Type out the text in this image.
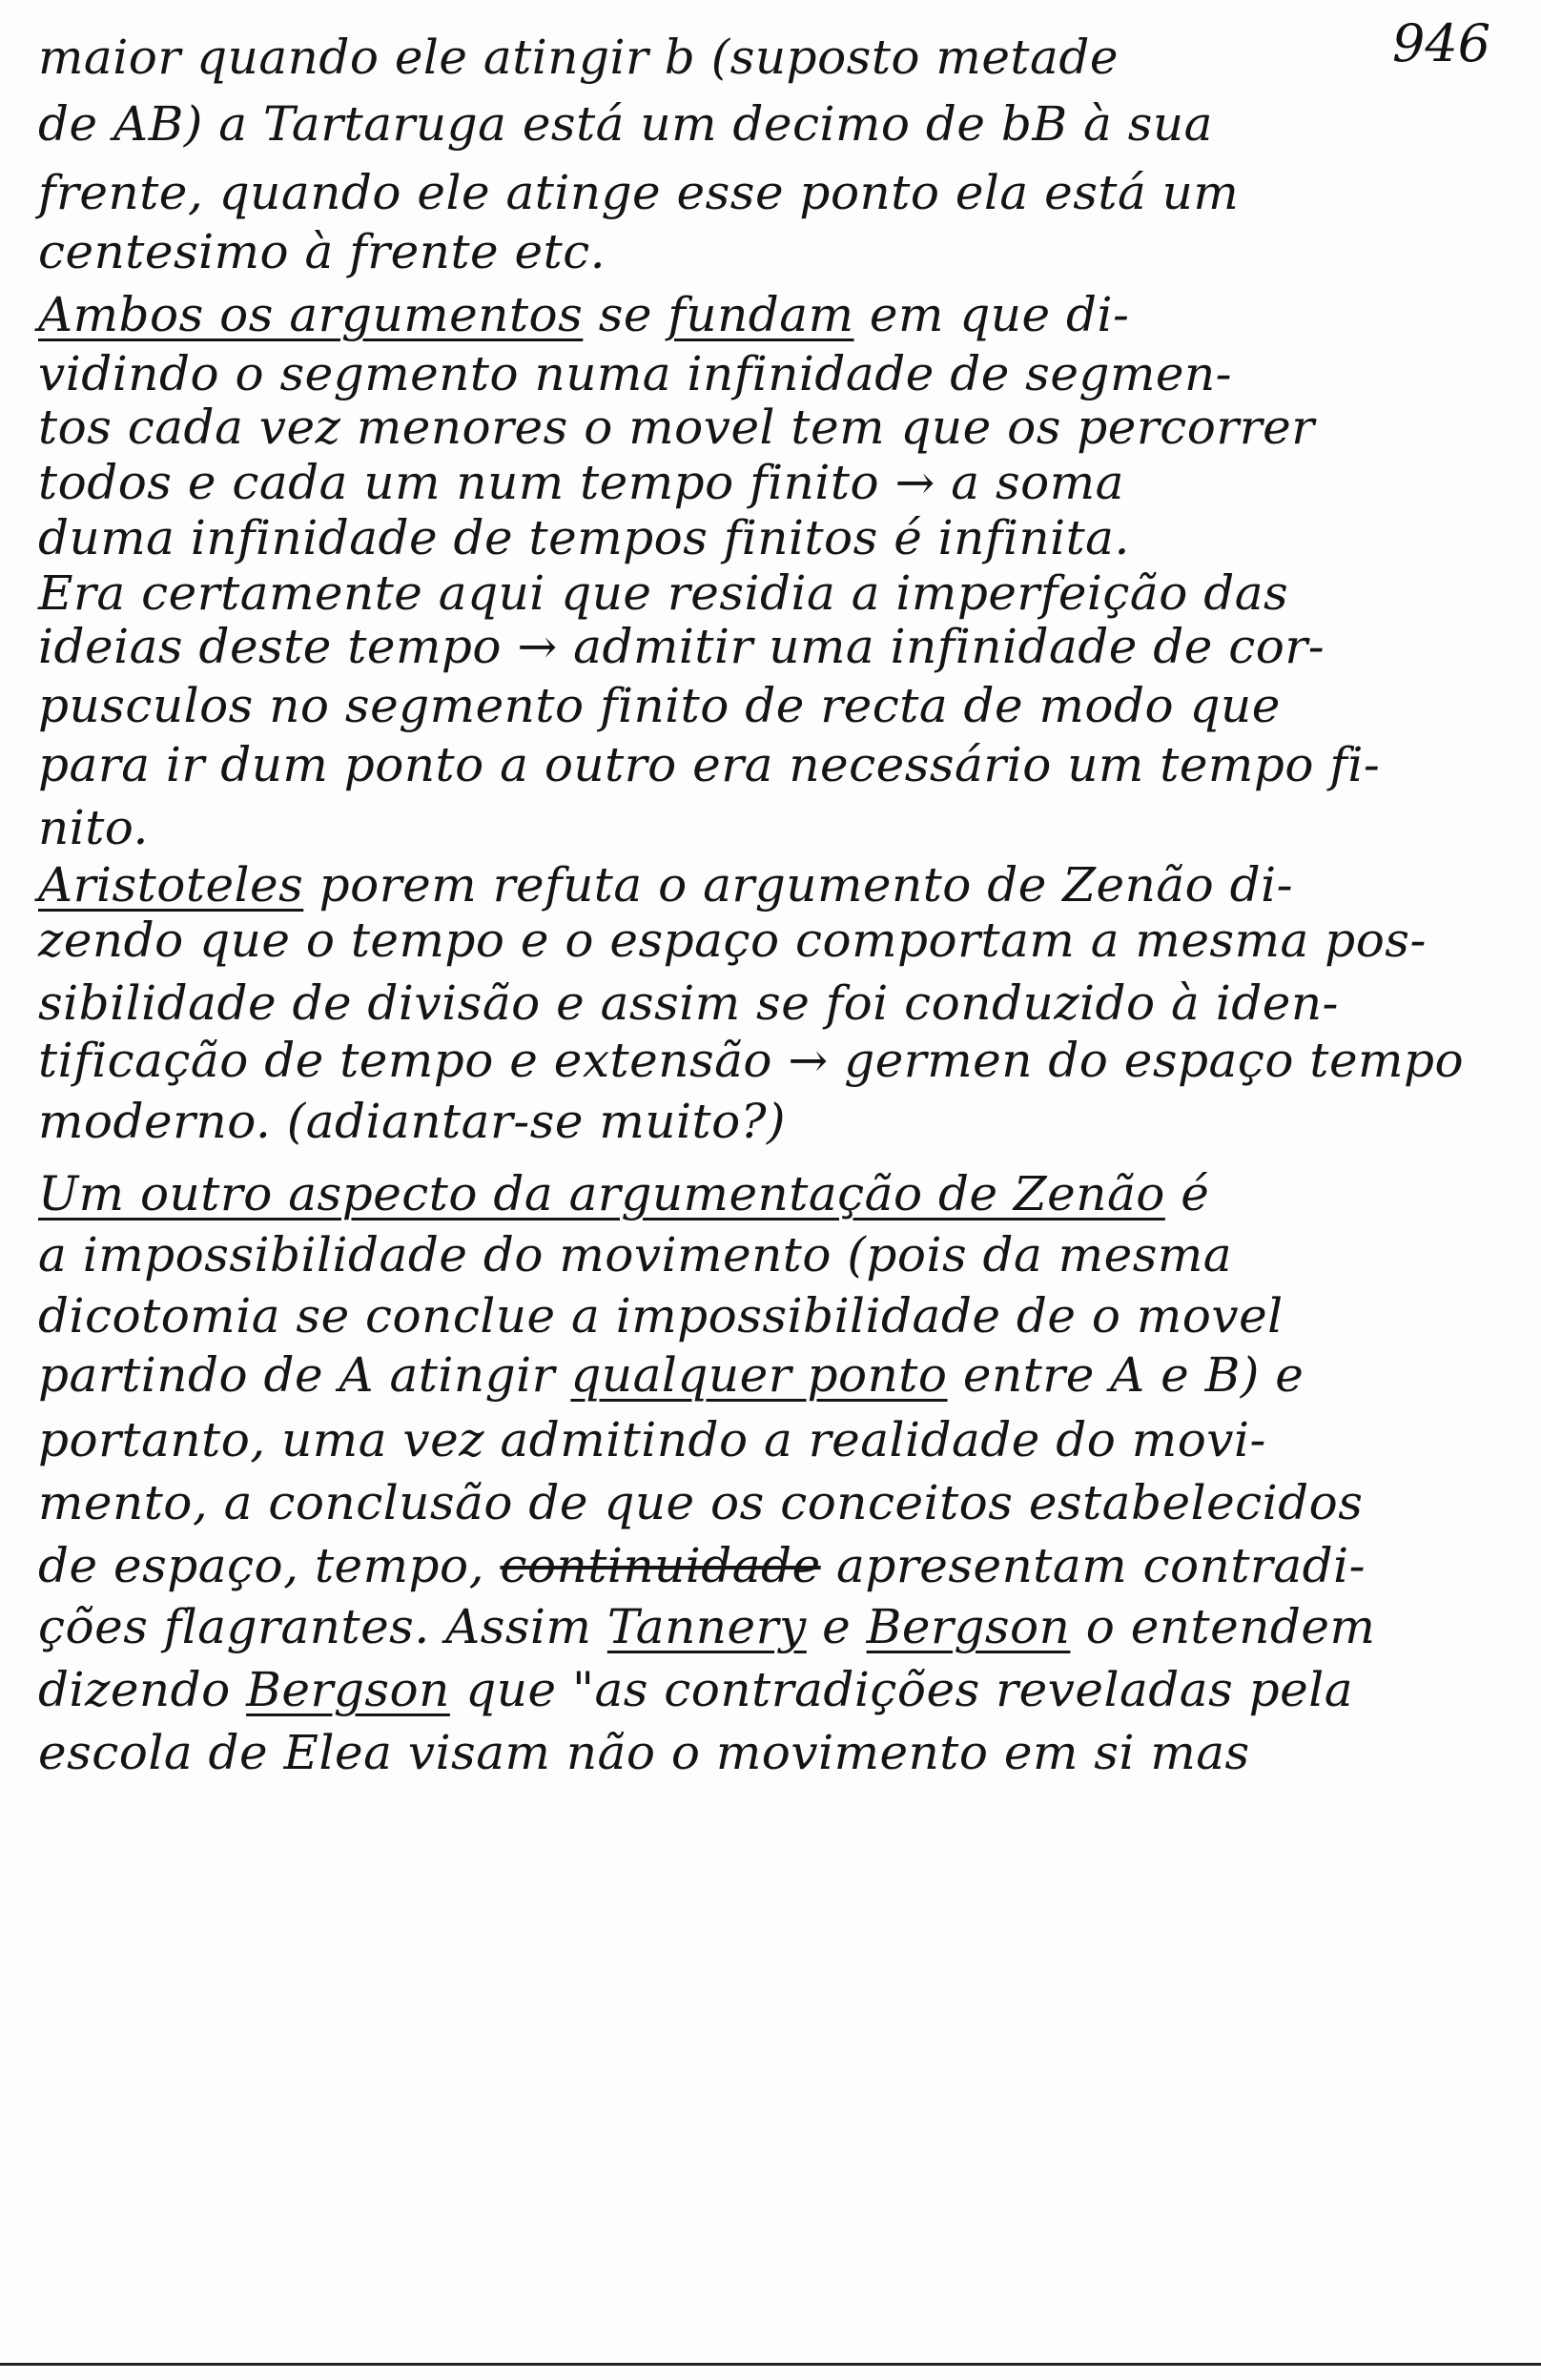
946
maior quando ele atingir b (suposto metade
de AB) a Tartaruga está um decimo de bB à sua
frente, quando ele atinge esse ponto ela está um
centesimo à frente etc.
Ambos os argumentos se fundam em que di-
vidindo o segmento numa infinidade de segmen-
tos cada vez menores o movel tem que os percorrer
todos e cada um num tempo finito → a soma
duma infinidade de tempos finitos é infinita.
Era certamente aqui que residia a imperfeição das
ideias deste tempo → admitir uma infinidade de cor-
pusculos no segmento finito de recta de modo que
para ir dum ponto a outro era necessário um tempo fi-
nito.
Aristoteles porem refuta o argumento de Zenão di-
zendo que o tempo e o espaço comportam a mesma pos-
sibilidade de divisão e assim se foi conduzido à iden-
tificação de tempo e extensão → germen do espaço tempo
moderno. (adiantar-se muito?)
Um outro aspecto da argumentação de Zenão é
a impossibilidade do movimento (pois da mesma
dicotomia se conclue a impossibilidade de o movel
partindo de A atingir qualquer ponto entre A e B) e
portanto, uma vez admitindo a realidade do movi-
mento, a conclusão de que os conceitos estabelecidos
de espaço, tempo, continuidade apresentam contradi-
ções flagrantes. Assim Tannery e Bergson o entendem
dizendo Bergson que "as contradições reveladas pela
escola de Elea visam não o movimento em si mas
